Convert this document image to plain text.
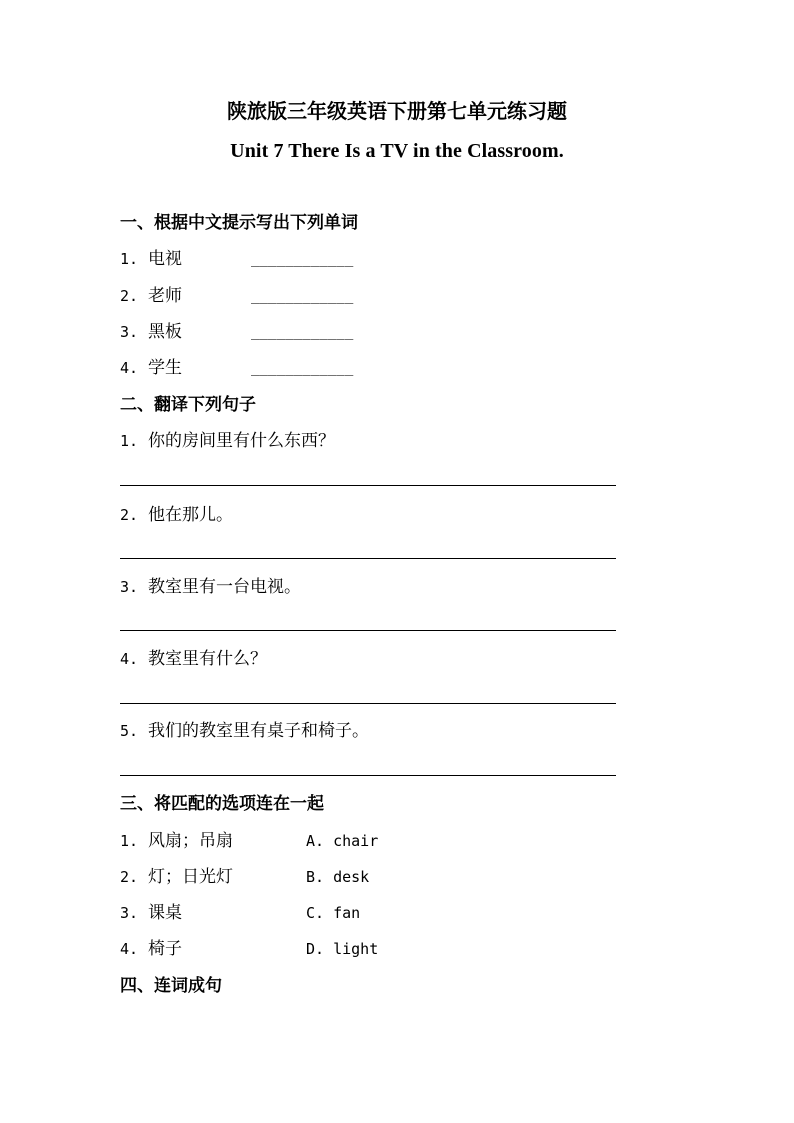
陕旅版三年级英语下册第七单元练习题
Unit 7 There Is a TV in the Classroom.
一、根据中文提示写出下列单词
1. 电视	____________
2. 老师	____________
3. 黑板	____________
4. 学生	____________
二、翻译下列句子
1. 你的房间里有什么东西？
2. 他在那儿。
3. 教室里有一台电视。
4. 教室里有什么？
5. 我们的教室里有桌子和椅子。
三、将匹配的选项连在一起
1. 风扇；吊扇	A. chair
2. 灯；日光灯	B. desk
3. 课桌	C. fan
4. 椅子	D. light
四、连词成句
